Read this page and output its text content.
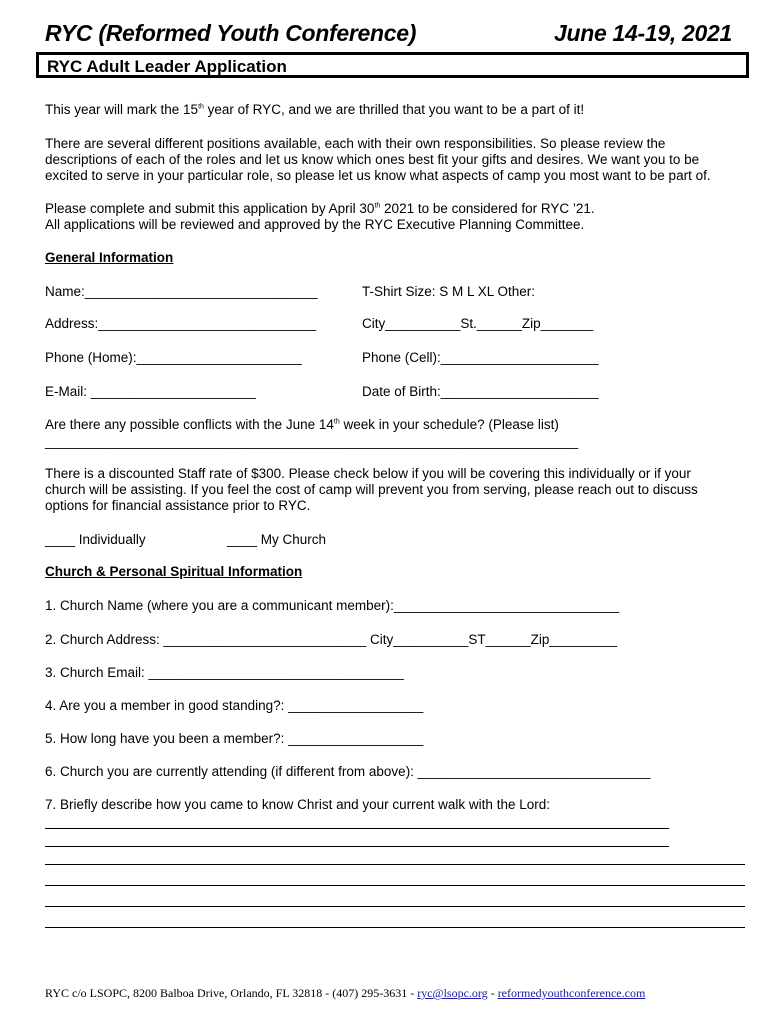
RYC (Reformed Youth Conference)	June 14-19, 2021
RYC Adult Leader Application
This year will mark the 15th year of RYC, and we are thrilled that you want to be a part of it!
There are several different positions available, each with their own responsibilities. So please review the
descriptions of each of the roles and let us know which ones best fit your gifts and desires. We want you to be
excited to serve in your particular role, so please let us know what aspects of camp you most want to be part of.
Please complete and submit this application by April 30th 2021 to be considered for RYC ’21.
All applications will be reviewed and approved by the RYC Executive Planning Committee.
General Information
Name:_______________________________	T-Shirt Size: S M L XL Other:
Address:_____________________________	City__________St.______Zip_______
Phone (Home):______________________	Phone (Cell):_____________________
E-Mail: ______________________	Date of Birth:_____________________
Are there any possible conflicts with the June 14th week in your schedule? (Please list)
_______________________________________________________________________
There is a discounted Staff rate of $300. Please check below if you will be covering this individually or if your
church will be assisting. If you feel the cost of camp will prevent you from serving, please reach out to discuss
options for financial assistance prior to RYC.
____ Individually	____ My Church
Church & Personal Spiritual Information
1. Church Name (where you are a communicant member):______________________________
2. Church Address: ___________________________ City__________ST______Zip_________
3. Church Email: __________________________________
4. Are you a member in good standing?: __________________
5. How long have you been a member?: __________________
6. Church you are currently attending (if different from above): _______________________________
7. Briefly describe how you came to know Christ and your current walk with the Lord:
RYC c/o LSOPC, 8200 Balboa Drive, Orlando, FL 32818 - (407) 295-3631 - ryc@lsopc.org - reformedyouthconference.com
